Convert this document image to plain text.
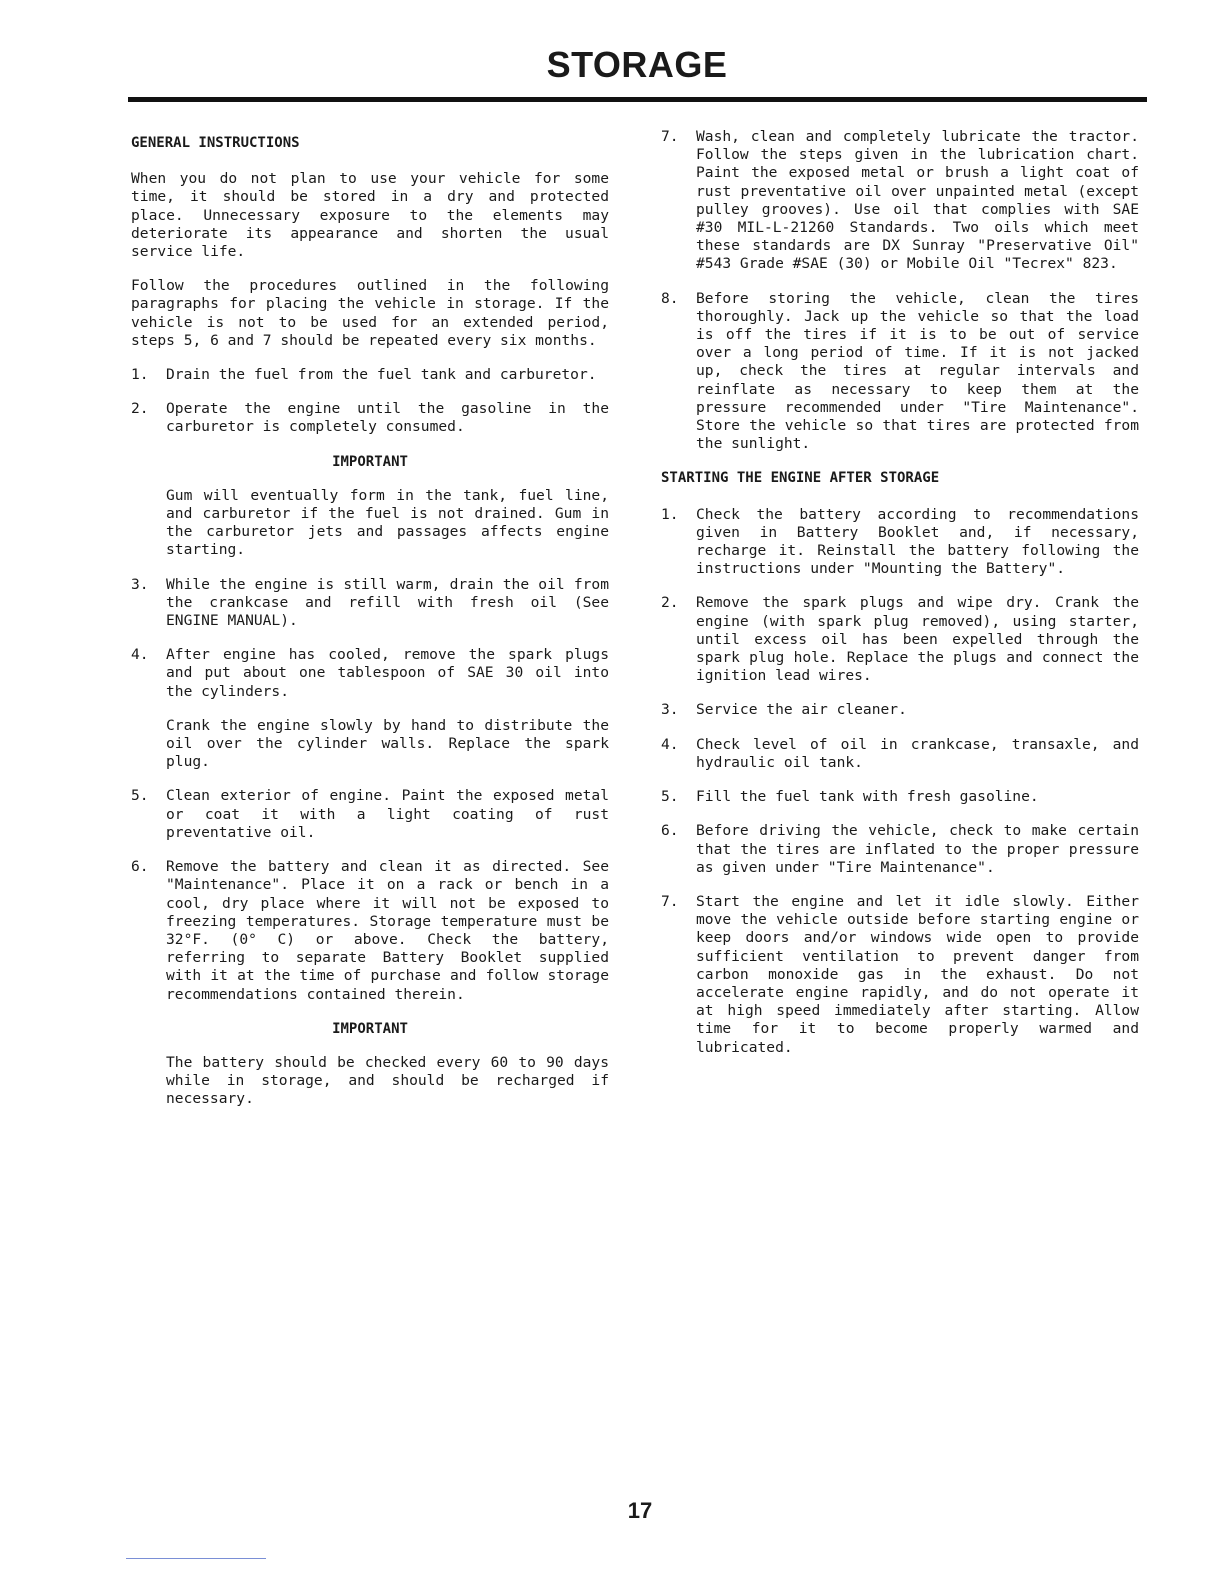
STORAGE
GENERAL INSTRUCTIONS

When you do not plan to use your vehicle for some time, it should be stored in a dry and protected place. Unnecessary exposure to the elements may deteriorate its appearance and shorten the usual service life.

Follow the procedures outlined in the following paragraphs for placing the vehicle in storage. If the vehicle is not to be used for an extended period, steps 5, 6 and 7 should be repeated every six months.

1. Drain the fuel from the fuel tank and carburetor.
2. Operate the engine until the gasoline in the carburetor is completely consumed.
IMPORTANT

Gum will eventually form in the tank, fuel line, and carburetor if the fuel is not drained. Gum in the carburetor jets and passages affects engine starting.

3. While the engine is still warm, drain the oil from the crankcase and refill with fresh oil (See ENGINE MANUAL).
4. After engine has cooled, remove the spark plugs and put about one tablespoon of SAE 30 oil into the cylinders.

Crank the engine slowly by hand to distribute the oil over the cylinder walls. Replace the spark plug.

5. Clean exterior of engine. Paint the exposed metal or coat it with a light coating of rust preventative oil.
6. Remove the battery and clean it as directed. See "Maintenance". Place it on a rack or bench in a cool, dry place where it will not be exposed to freezing temperatures. Storage temperature must be 32°F. (0° C) or above. Check the battery, referring to separate Battery Booklet supplied with it at the time of purchase and follow storage recommendations contained therein.
IMPORTANT

The battery should be checked every 60 to 90 days while in storage, and should be recharged if necessary.

7. Wash, clean and completely lubricate the tractor. Follow the steps given in the lubrication chart. Paint the exposed metal or brush a light coat of rust preventative oil over unpainted metal (except pulley grooves). Use oil that complies with SAE #30 MIL-L-21260 Standards. Two oils which meet these standards are DX Sunray "Preservative Oil" #543 Grade #SAE (30) or Mobile Oil "Tecrex" 823.
8. Before storing the vehicle, clean the tires thoroughly. Jack up the vehicle so that the load is off the tires if it is to be out of service over a long period of time. If it is not jacked up, check the tires at regular intervals and reinflate as necessary to keep them at the pressure recommended under "Tire Maintenance". Store the vehicle so that tires are protected from the sunlight.
STARTING THE ENGINE AFTER STORAGE
1. Check the battery according to recommendations given in Battery Booklet and, if necessary, recharge it. Reinstall the battery following the instructions under "Mounting the Battery".
2. Remove the spark plugs and wipe dry. Crank the engine (with spark plug removed), using starter, until excess oil has been expelled through the spark plug hole. Replace the plugs and connect the ignition lead wires.
3. Service the air cleaner.
4. Check level of oil in crankcase, transaxle, and hydraulic oil tank.
5. Fill the fuel tank with fresh gasoline.
6. Before driving the vehicle, check to make certain that the tires are inflated to the proper pressure as given under "Tire Maintenance".
7. Start the engine and let it idle slowly. Either move the vehicle outside before starting engine or keep doors and/or windows wide open to provide sufficient ventilation to prevent danger from carbon monoxide gas in the exhaust. Do not accelerate engine rapidly, and do not operate it at high speed immediately after starting. Allow time for it to become properly warmed and lubricated.
17
